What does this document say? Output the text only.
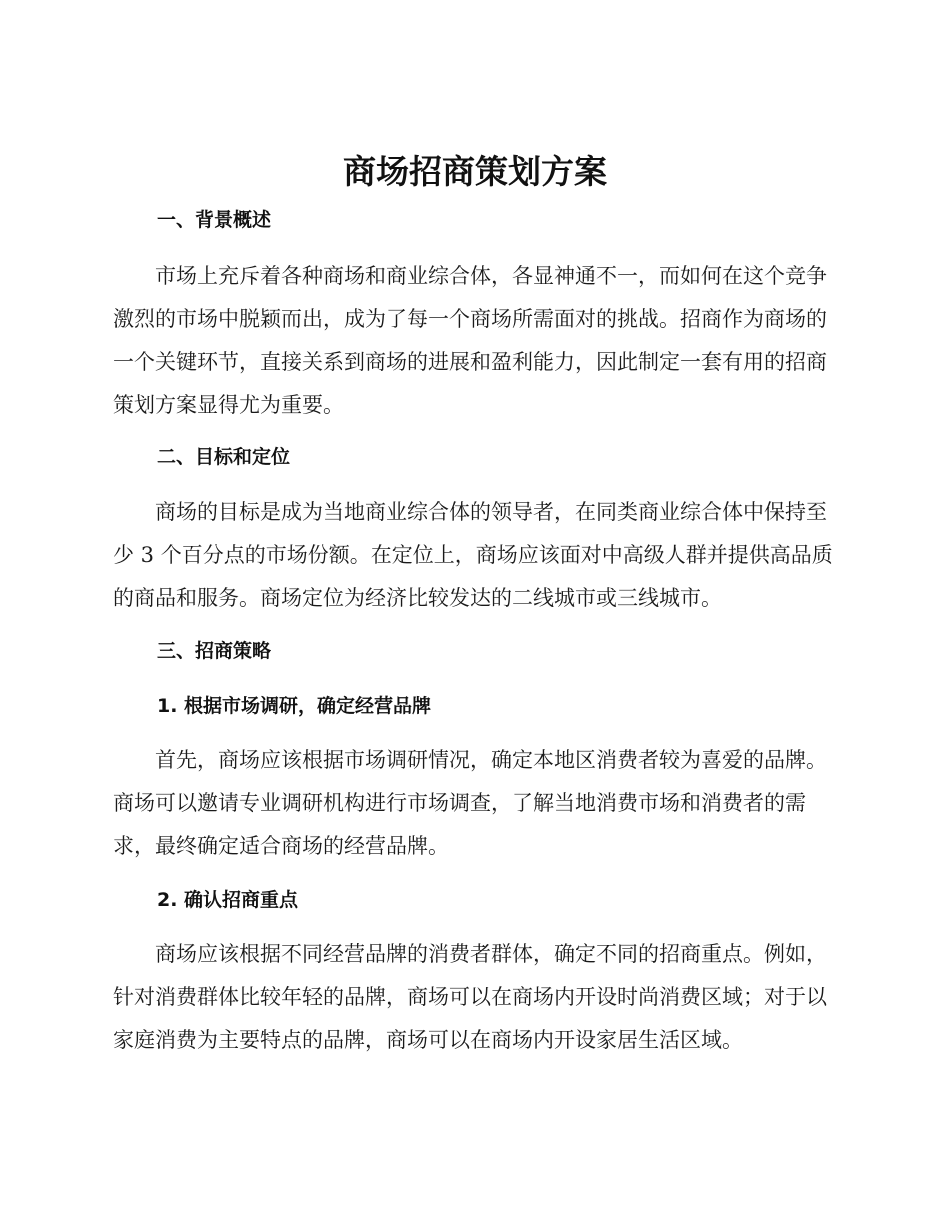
商场招商策划方案
一、背景概述

市场上充斥着各种商场和商业综合体，各显神通不一，而如何在这个竞争激烈的市场中脱颖而出，成为了每一个商场所需面对的挑战。招商作为商场的一个关键环节，直接关系到商场的进展和盈利能力，因此制定一套有用的招商策划方案显得尤为重要。

二、目标和定位

商场的目标是成为当地商业综合体的领导者，在同类商业综合体中保持至少 3 个百分点的市场份额。在定位上，商场应该面对中高级人群并提供高品质的商品和服务。商场定位为经济比较发达的二线城市或三线城市。

三、招商策略
1. 根据市场调研，确定经营品牌

首先，商场应该根据市场调研情况，确定本地区消费者较为喜爱的品牌。商场可以邀请专业调研机构进行市场调查，了解当地消费市场和消费者的需求，最终确定适合商场的经营品牌。

2. 确认招商重点

商场应该根据不同经营品牌的消费者群体，确定不同的招商重点。例如，针对消费群体比较年轻的品牌，商场可以在商场内开设时尚消费区域；对于以家庭消费为主要特点的品牌，商场可以在商场内开设家居生活区域。
